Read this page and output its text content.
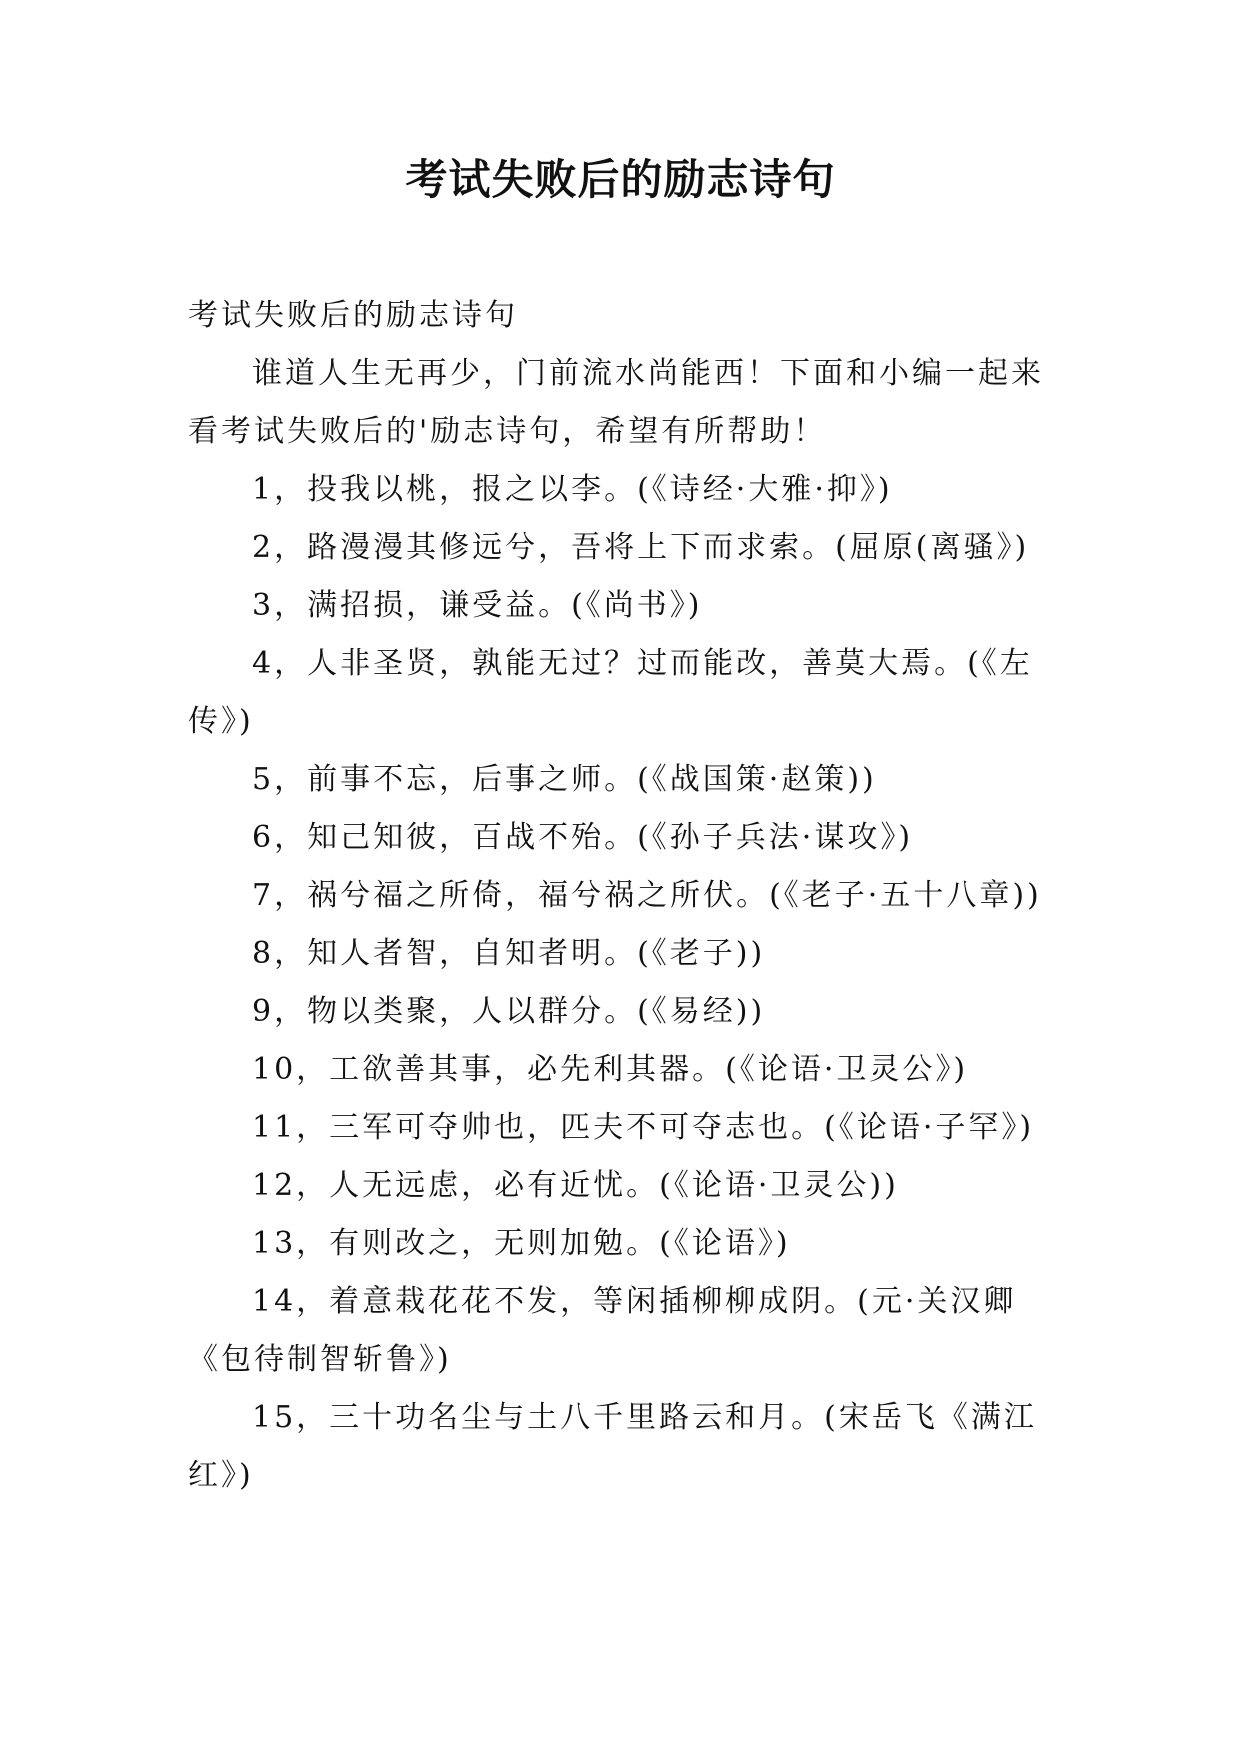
考试失败后的励志诗句

考试失败后的励志诗句

谁道人生无再少，门前流水尚能西！下面和小编一起来看考试失败后的'励志诗句，希望有所帮助！

1，投我以桃，报之以李。(《诗经·大雅·抑》)

2，路漫漫其修远兮，吾将上下而求索。(屈原(离骚》)

3，满招损，谦受益。(《尚书》)

4，人非圣贤，孰能无过？过而能改，善莫大焉。(《左传》)

5，前事不忘，后事之师。(《战国策·赵策))

6，知己知彼，百战不殆。(《孙子兵法·谋攻》)

7，祸兮福之所倚，福兮祸之所伏。(《老子·五十八章))

8，知人者智，自知者明。(《老子))

9，物以类聚，人以群分。(《易经))

10，工欲善其事，必先利其器。(《论语·卫灵公》)

11，三军可夺帅也，匹夫不可夺志也。(《论语·子罕》)

12，人无远虑，必有近忧。(《论语·卫灵公))

13，有则改之，无则加勉。(《论语》)

14，着意栽花花不发，等闲插柳柳成阴。(元·关汉卿《包待制智斩鲁》)

15，三十功名尘与土八千里路云和月。(宋岳飞《满江红》)
